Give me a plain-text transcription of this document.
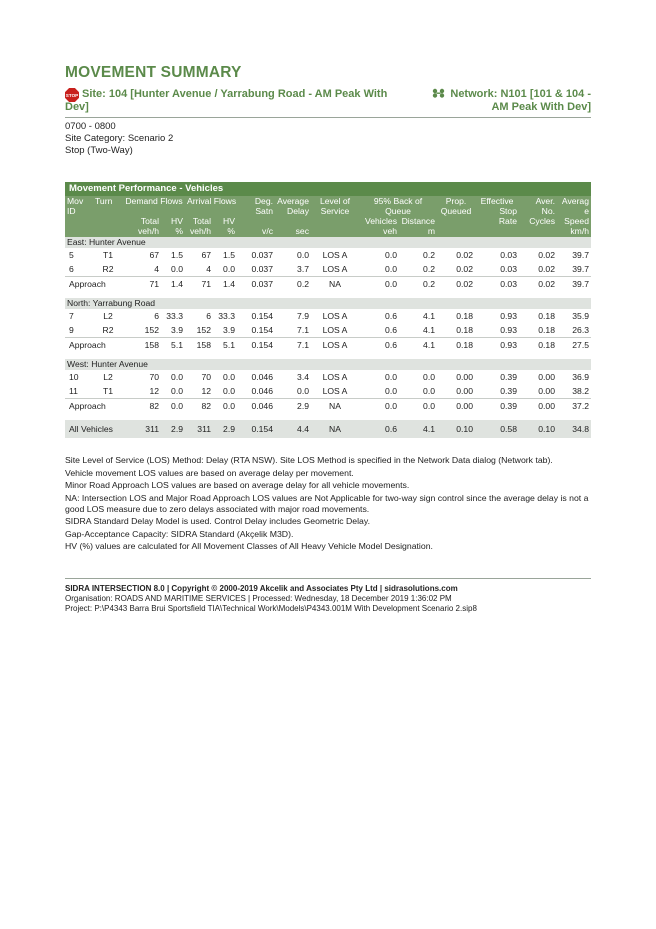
MOVEMENT SUMMARY
STOP Site: 104 [Hunter Avenue / Yarrabung Road - AM Peak With
Dev]
Network: N101 [101 & 104 -
AM Peak With Dev]
0700 - 0800
Site Category: Scenario 2
Stop (Two-Way)
Movement Performance - Vehicles
Mov	Turn	Demand Flows		Arrival Flows		Deg.	Average	Level of	95% Back of		Prop.	Effective	Aver.	Averag
ID						Satn	Delay	Service	Queue		Queued	Stop	No.	e
		Total	HV	Total	HV				Vehicles	Distance		Rate	Cycles	Speed
		veh/h	%	veh/h	%	v/c	sec		veh	m				km/h
East: Hunter Avenue														
5	T1	67	1.5	67	1.5	0.037	0.0	LOS A	0.0	0.2	0.02	0.03	0.02	39.7
6	R2	4	0.0	4	0.0	0.037	3.7	LOS A	0.0	0.2	0.02	0.03	0.02	39.7
Approach		71	1.4	71	1.4	0.037	0.2	NA	0.0	0.2	0.02	0.03	0.02	39.7

North: Yarrabung Road														
7	L2	6	33.3	6	33.3	0.154	7.9	LOS A	0.6	4.1	0.18	0.93	0.18	35.9
9	R2	152	3.9	152	3.9	0.154	7.1	LOS A	0.6	4.1	0.18	0.93	0.18	26.3
Approach		158	5.1	158	5.1	0.154	7.1	LOS A	0.6	4.1	0.18	0.93	0.18	27.5

West: Hunter Avenue														
10	L2	70	0.0	70	0.0	0.046	3.4	LOS A	0.0	0.0	0.00	0.39	0.00	36.9
11	T1	12	0.0	12	0.0	0.046	0.0	LOS A	0.0	0.0	0.00	0.39	0.00	38.2
Approach		82	0.0	82	0.0	0.046	2.9	NA	0.0	0.0	0.00	0.39	0.00	37.2

All Vehicles		311	2.9	311	2.9	0.154	4.4	NA	0.6	4.1	0.10	0.58	0.10	34.8

Site Level of Service (LOS) Method: Delay (RTA NSW). Site LOS Method is specified in the Network Data dialog (Network tab).

Vehicle movement LOS values are based on average delay per movement.

Minor Road Approach LOS values are based on average delay for all vehicle movements.

NA: Intersection LOS and Major Road Approach LOS values are Not Applicable for two-way sign control since the average delay is not a good LOS measure due to zero delays associated with major road movements.

SIDRA Standard Delay Model is used. Control Delay includes Geometric Delay.

Gap-Acceptance Capacity: SIDRA Standard (Akçelik M3D).

HV (%) values are calculated for All Movement Classes of All Heavy Vehicle Model Designation.

SIDRA INTERSECTION 8.0 | Copyright © 2000-2019 Akcelik and Associates Pty Ltd | sidrasolutions.com
Organisation: ROADS AND MARITIME SERVICES | Processed: Wednesday, 18 December 2019 1:36:02 PM
Project: P:\P4343 Barra Brui Sportsfield TIA\Technical Work\Models\P4343.001M With Development Scenario 2.sip8
